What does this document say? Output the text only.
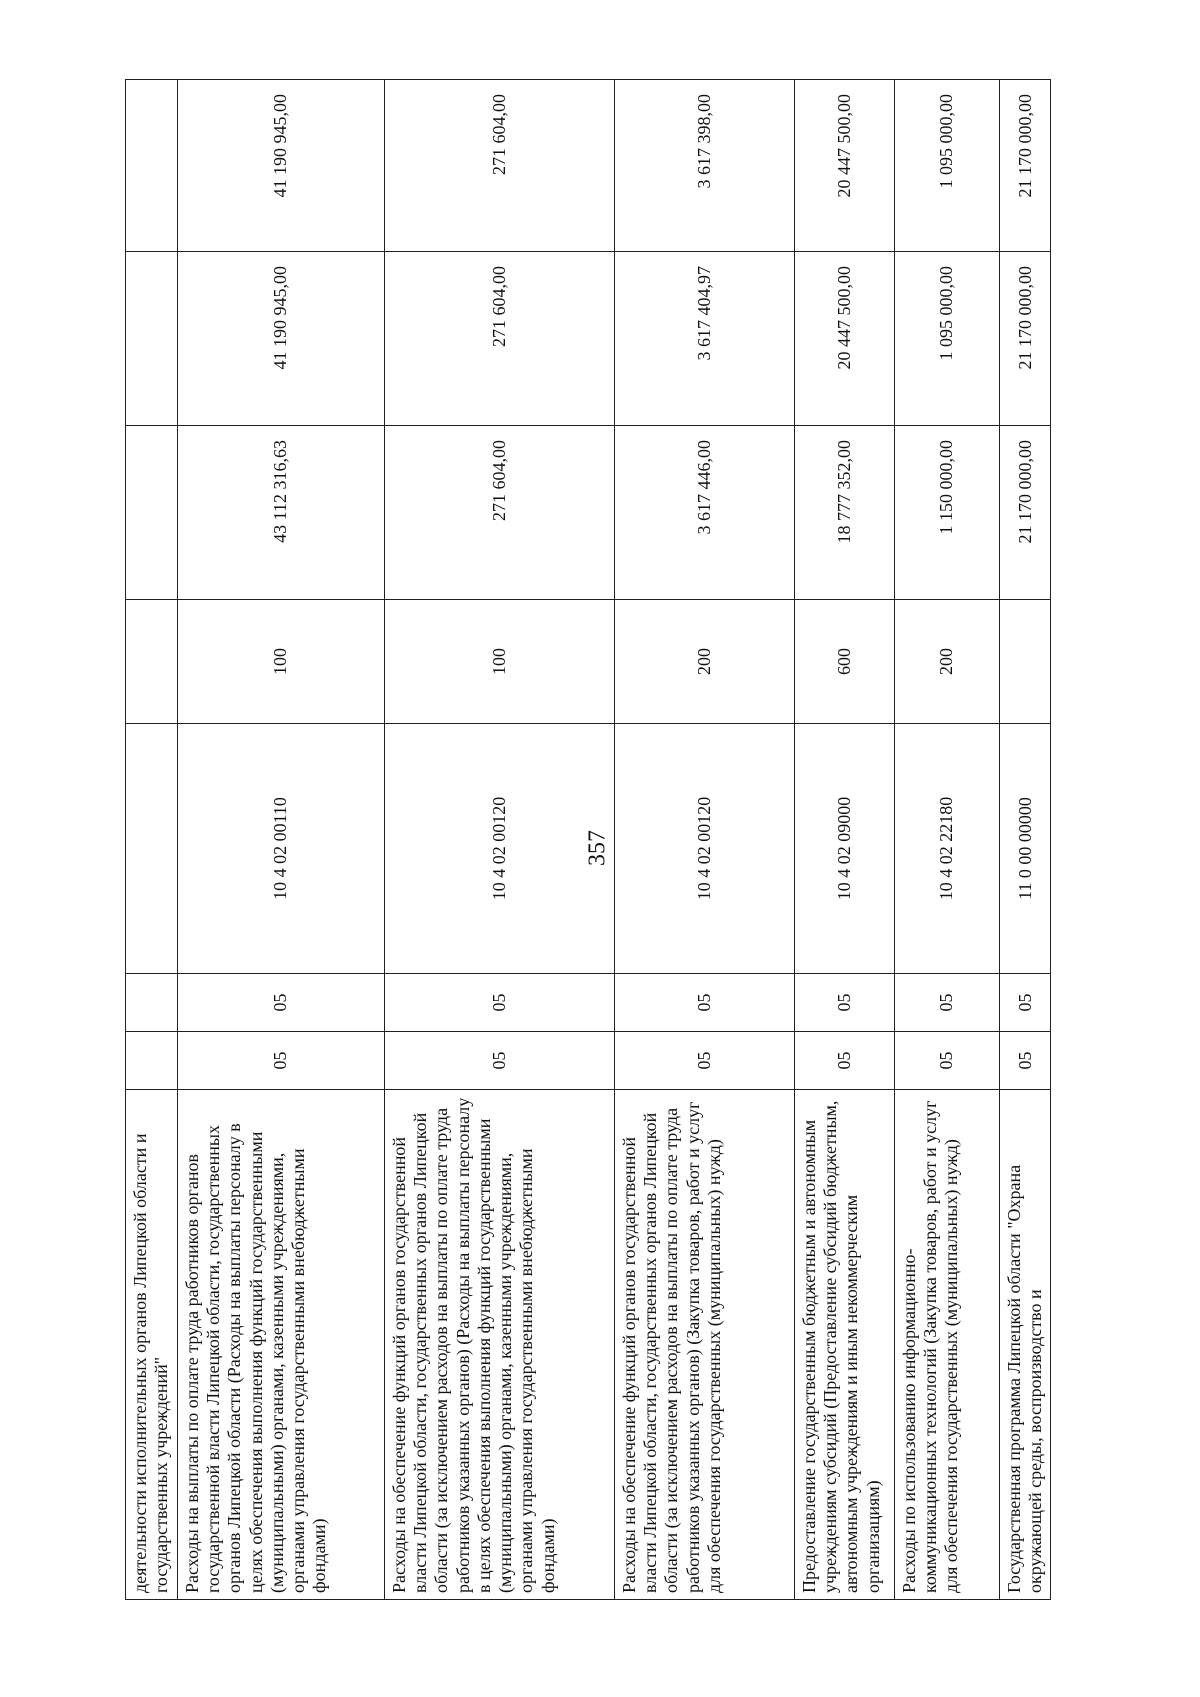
357
деятельности исполнительных органов Липецкой области и государственных учреждений"							
Расходы на выплаты по оплате труда работников органов государственной власти Липецкой области, государственных органов Липецкой области (Расходы на выплаты персоналу в целях обеспечения выполнения функций государственными (муниципальными) органами, казенными учреждениями, органами управления государственными внебюджетными фондами)	05	05	10 4 02 00110	100	43 112 316,63	41 190 945,00	41 190 945,00
Расходы на обеспечение функций органов государственной власти Липецкой области, государственных органов Липецкой области (за исключением расходов на выплаты по оплате труда работников указанных органов) (Расходы на выплаты персоналу в целях обеспечения выполнения функций государственными (муниципальными) органами, казенными учреждениями, органами управления государственными внебюджетными фондами)	05	05	10 4 02 00120	100	271 604,00	271 604,00	271 604,00
Расходы на обеспечение функций органов государственной власти Липецкой области, государственных органов Липецкой области (за исключением расходов на выплаты по оплате труда работников указанных органов) (Закупка товаров, работ и услуг для обеспечения государственных (муниципальных) нужд)	05	05	10 4 02 00120	200	3 617 446,00	3 617 404,97	3 617 398,00
Предоставление государственным бюджетным и автономным учреждениям субсидий (Предоставление субсидий бюджетным, автономным учреждениям и иным некоммерческим организациям)	05	05	10 4 02 09000	600	18 777 352,00	20 447 500,00	20 447 500,00
Расходы по использованию информационно-коммуникационных технологий (Закупка товаров, работ и услуг для обеспечения государственных (муниципальных) нужд)	05	05	10 4 02 22180	200	1 150 000,00	1 095 000,00	1 095 000,00
Государственная программа Липецкой области "Охрана окружающей среды, воспроизводство и	05	05	11 0 00 00000		21 170 000,00	21 170 000,00	21 170 000,00
